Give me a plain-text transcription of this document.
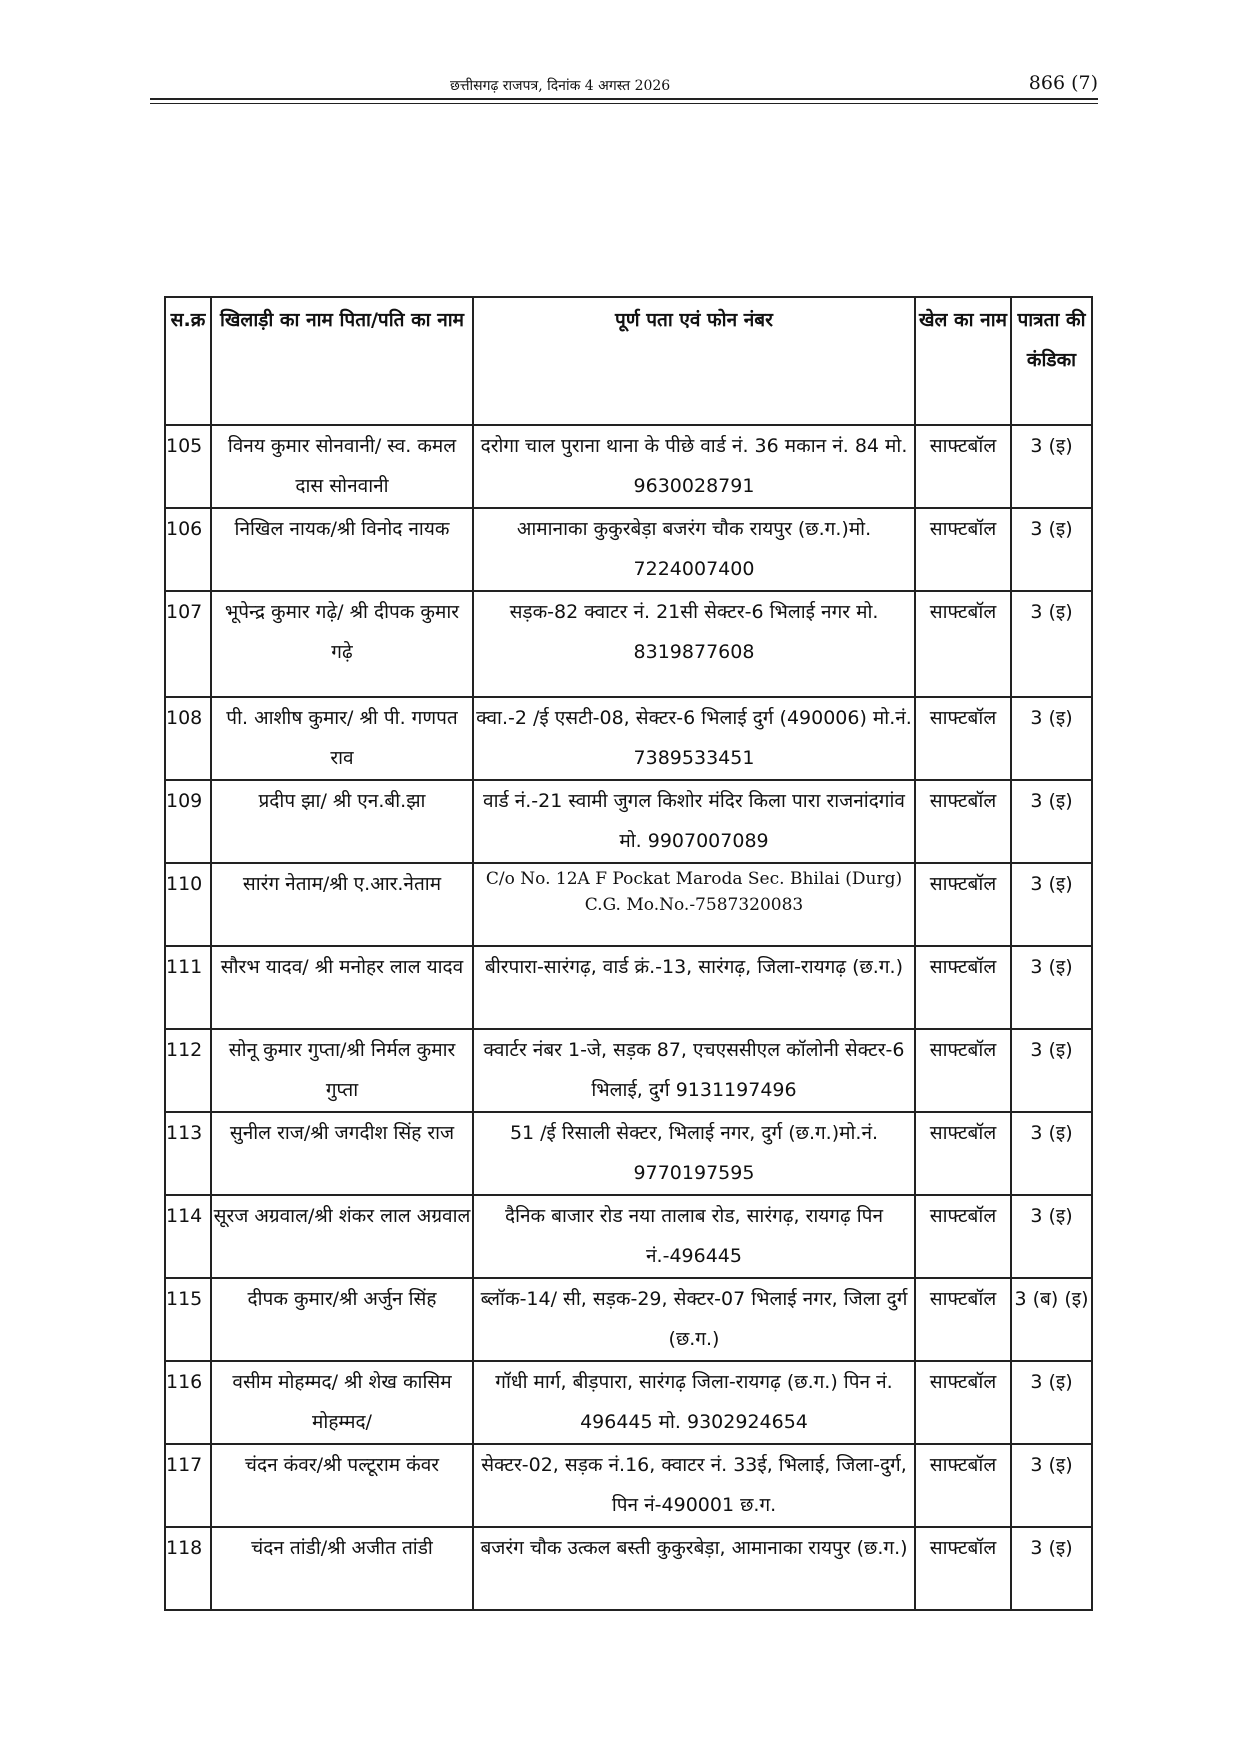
छत्तीसगढ़ राजपत्र, दिनांक 4 अगस्त 2026	866 (7)
स.क्र	खिलाड़ी का नाम पिता/पति का नाम	पूर्ण पता एवं फोन नंबर	खेल का नाम	पात्रता की कंडिका
105	विनय कुमार सोनवानी/ स्व. कमल दास सोनवानी	दरोगा चाल पुराना थाना के पीछे वार्ड नं. 36 मकान नं. 84 मो. 9630028791	साफ्टबॉल	3 (इ)
106	निखिल नायक/श्री विनोद नायक	आमानाका कुकुरबेड़ा बजरंग चौक रायपुर (छ.ग.)मो. 7224007400	साफ्टबॉल	3 (इ)
107	भूपेन्द्र कुमार गढ़े/ श्री दीपक कुमार गढ़े	सड़क-82 क्वाटर नं. 21सी सेक्टर-6 भिलाई नगर मो. 8319877608	साफ्टबॉल	3 (इ)
108	पी. आशीष कुमार/ श्री पी. गणपत राव	क्वा.-2 /ई एसटी-08, सेक्टर-6 भिलाई दुर्ग (490006) मो.नं. 7389533451	साफ्टबॉल	3 (इ)
109	प्रदीप झा/ श्री एन.बी.झा	वार्ड नं.-21 स्वामी जुगल किशोर मंदिर किला पारा राजनांदगांव मो. 9907007089	साफ्टबॉल	3 (इ)
110	सारंग नेताम/श्री ए.आर.नेताम	C/o No. 12A F Pockat Maroda Sec. Bhilai (Durg) C.G. Mo.No.-7587320083	साफ्टबॉल	3 (इ)
111	सौरभ यादव/ श्री मनोहर लाल यादव	बीरपारा-सारंगढ़, वार्ड क्रं.-13, सारंगढ़, जिला-रायगढ़ (छ.ग.)	साफ्टबॉल	3 (इ)
112	सोनू कुमार गुप्ता/श्री निर्मल कुमार गुप्ता	क्वार्टर नंबर 1-जे, सड़क 87, एचएससीएल कॉलोनी सेक्टर-6 भिलाई, दुर्ग 9131197496	साफ्टबॉल	3 (इ)
113	सुनील राज/श्री जगदीश सिंह राज	51 /ई रिसाली सेक्टर, भिलाई नगर, दुर्ग (छ.ग.)मो.नं. 9770197595	साफ्टबॉल	3 (इ)
114	सूरज अग्रवाल/श्री शंकर लाल अग्रवाल	दैनिक बाजार रोड नया तालाब रोड, सारंगढ़, रायगढ़ पिन नं.-496445	साफ्टबॉल	3 (इ)
115	दीपक कुमार/श्री अर्जुन सिंह	ब्लॉक-14/ सी, सड़क-29, सेक्टर-07 भिलाई नगर, जिला दुर्ग (छ.ग.)	साफ्टबॉल	3 (ब) (इ)
116	वसीम मोहम्मद/ श्री शेख कासिम मोहम्मद/	गॉधी मार्ग, बीड़पारा, सारंगढ़ जिला-रायगढ़ (छ.ग.) पिन नं. 496445 मो. 9302924654	साफ्टबॉल	3 (इ)
117	चंदन कंवर/श्री पल्टूराम कंवर	सेक्टर-02, सड़क नं.16, क्वाटर नं. 33ई, भिलाई, जिला-दुर्ग, पिन नं-490001 छ.ग.	साफ्टबॉल	3 (इ)
118	चंदन तांडी/श्री अजीत तांडी	बजरंग चौक उत्कल बस्ती कुकुरबेड़ा, आमानाका रायपुर (छ.ग.)	साफ्टबॉल	3 (इ)
